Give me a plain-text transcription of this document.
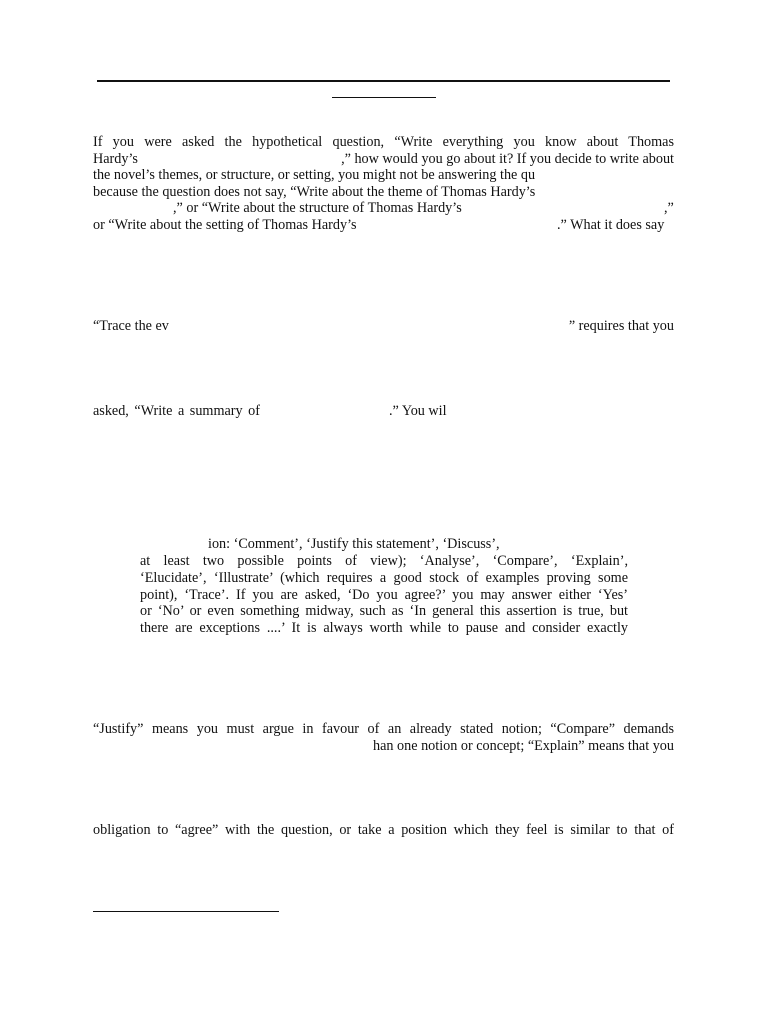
If you were asked the hypothetical question, “Write everything you know about Thomas
Hardy’s	,” how would you go about it? If you decide to write about
the novel’s themes, or structure, or setting, you might not be answering the qu
because the question does not say, “Write about the theme of Thomas Hardy’s
,” or “Write about the structure of Thomas Hardy’s	,”
or “Write about the setting of Thomas Hardy’s	.” What it does say
“Trace the ev	” requires that you
asked, “Write a summary of	.” You wil
ion: ‘Comment’, ‘Justify this statement’, ‘Discuss’,
at least two possible points of view); ‘Analyse’, ‘Compare’, ‘Explain’,
‘Elucidate’, ‘Illustrate’ (which requires a good stock of examples proving some
point), ‘Trace’. If you are asked, ‘Do you agree?’ you may answer either ‘Yes’
or ‘No’ or even something midway, such as ‘In general this assertion is true, but
there are exceptions ....’ It is always worth while to pause and consider exactly
“Justify” means you must argue in favour of an already stated notion; “Compare” demands
han one notion or concept; “Explain” means that you
obligation to “agree” with the question, or take a position which they feel is similar to that of
